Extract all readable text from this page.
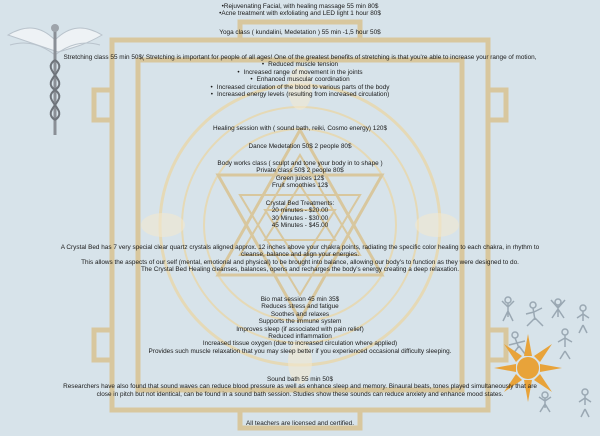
•Rejuvenating Facial, with healing massage 55 min 80$
•Acne treatment with exfoliating and LED light 1 hour 80$
Yoga class ( kundalini, Medetation ) 55 min -1,5 hour 50$
Stretching class 55 min 50$( Stretching is important for people of all ages! One of the greatest benefits of stretching is that you're able to increase your range of motion,
• Reduced muscle tension
• Increased range of movement in the joints
• Enhanced muscular coordination
• Increased circulation of the blood to various parts of the body
• Increased energy levels (resulting from increased circulation)
Healing session with ( sound bath, reiki, Cosmo energy) 120$
Dance Medetation 50$ 2 people 80$
Body works class ( sculpt and tone your body in to shape )
Private class 50$ 2 people 80$
Green juices 12$
Fruit smoothies 12$
Crystal Bed Treatments:
20 minutes - $20.00
30 Minutes - $30.00
45 Minutes - $45.00
A Crystal Bed has 7 very special clear quartz crystals aligned approx. 12 inches above your chakra points, radiating the specific color healing to each chakra, in rhythm to cleanse, balance and align your energies.
This allows the aspects of our self (mental, emotional and physical) to be brought into balance, allowing our body's to function as they were designed to do.
The Crystal Bed Healing cleanses, balances, opens and recharges the body's energy creating a deep relaxation.
Bio mat session 45 min 35$
Reduces stress and fatigue
Soothes and relaxes
Supports the immune system
Improves sleep (if associated with pain relief)
Reduced inflammation
Increased tissue oxygen (due to increased circulation where applied)
Provides such muscle relaxation that you may sleep better if you experienced occasional difficulty sleeping.
Sound bath 55 min 50$
Researchers have also found that sound waves can reduce blood pressure as well as enhance sleep and memory. Binaural beats, tones played simultaneously that are close in pitch but not identical, can be found in a sound bath session. Studies show these sounds can reduce anxiety and enhance mood states.
All teachers are licensed and certified.
